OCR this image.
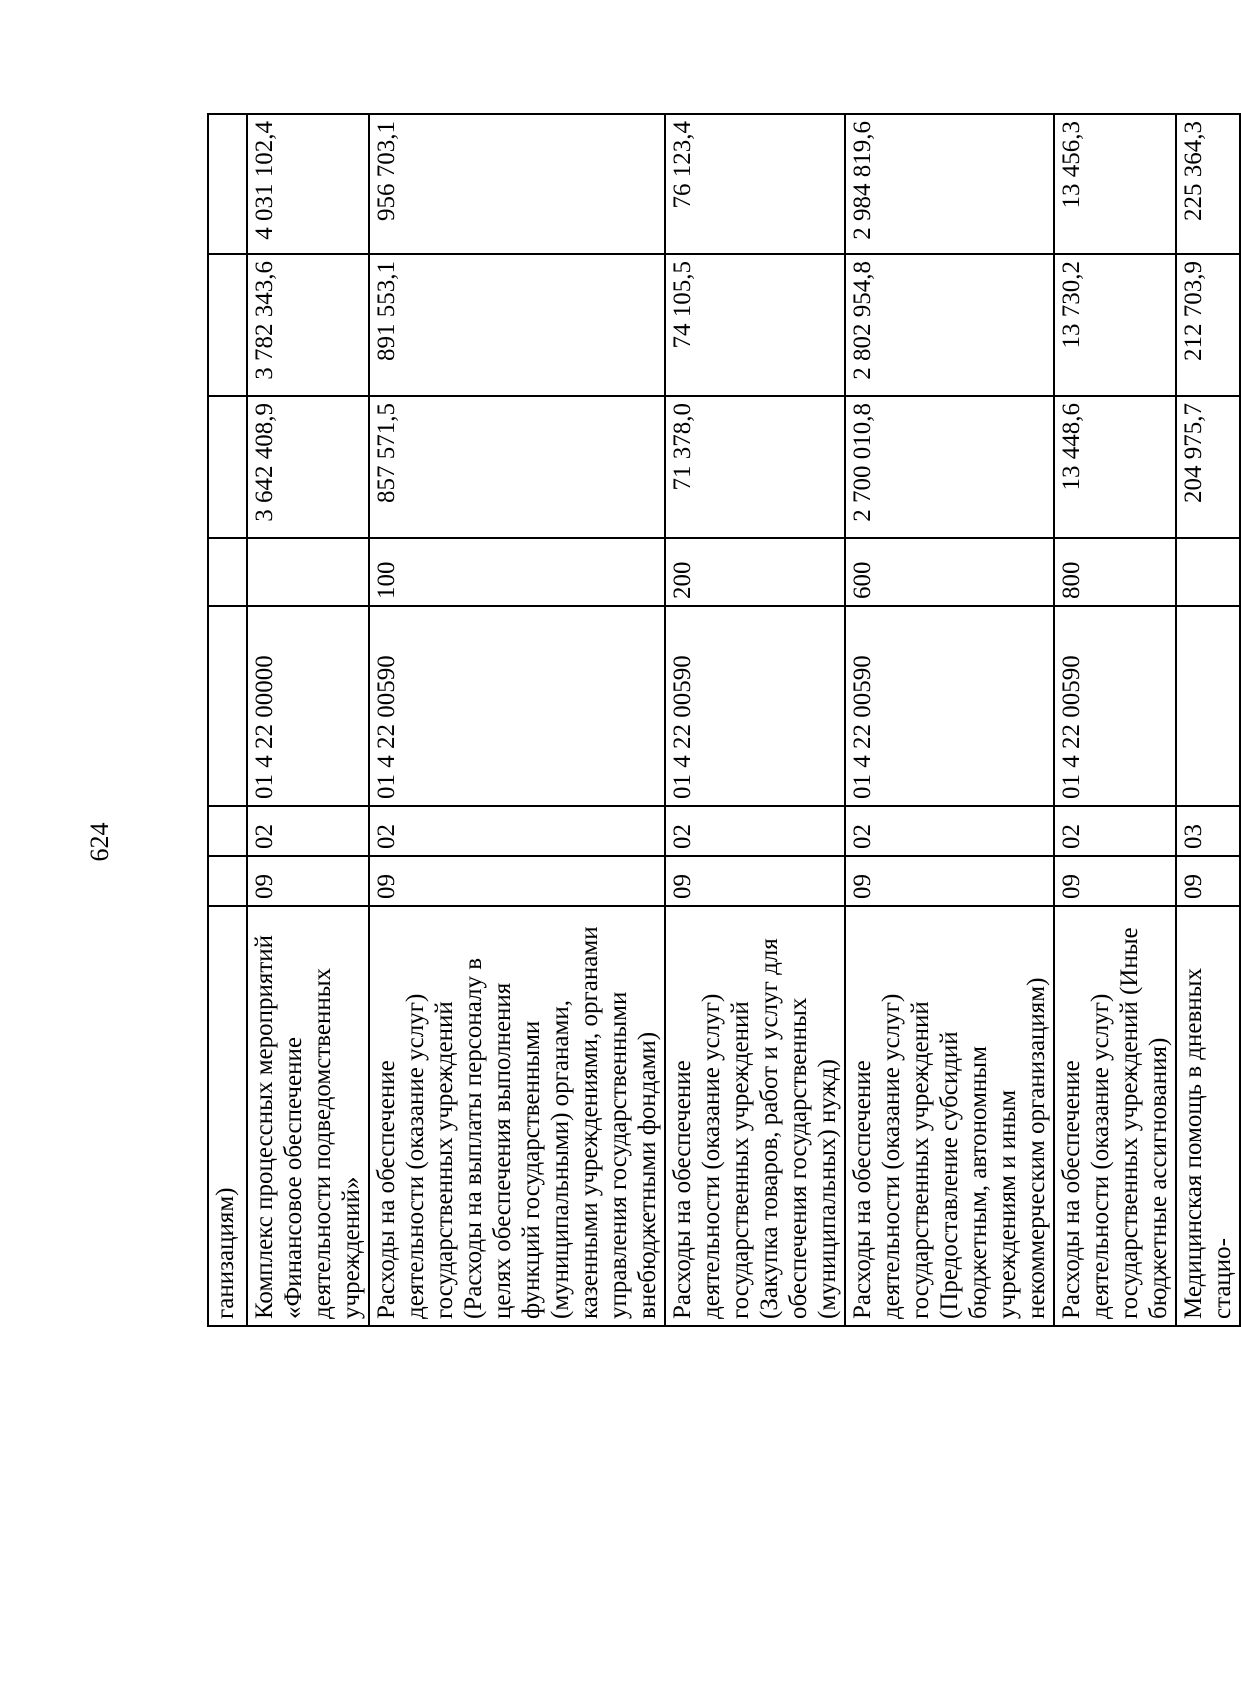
624
ганизациям)							
Комплекс процессных мероприятий «Финансовое обеспечение деятельности подведомственных учреждений»	09	02	01 4 22 00000		3 642 408,9	3 782 343,6	4 031 102,4
Расходы на обеспечение деятельности (оказание услуг) государственных учреждений (Расходы на выплаты персоналу в целях обеспечения выполнения функций государственными (муниципальными) органами, казенными учреждениями, органами управления государственными внебюджетными фондами)	09	02	01 4 22 00590	100	857 571,5	891 553,1	956 703,1
Расходы на обеспечение деятельности (оказание услуг) государственных учреждений (Закупка товаров, работ и услуг для обеспечения государственных (муниципальных) нужд)	09	02	01 4 22 00590	200	71 378,0	74 105,5	76 123,4
Расходы на обеспечение деятельности (оказание услуг) государственных учреждений (Предоставление субсидий бюджетным, автономным учреждениям и иным некоммерческим организациям)	09	02	01 4 22 00590	600	2 700 010,8	2 802 954,8	2 984 819,6
Расходы на обеспечение деятельности (оказание услуг) государственных учреждений (Иные бюджетные ассигнования)	09	02	01 4 22 00590	800	13 448,6	13 730,2	13 456,3
Медицинская помощь в дневных стацио-	09	03			204 975,7	212 703,9	225 364,3
